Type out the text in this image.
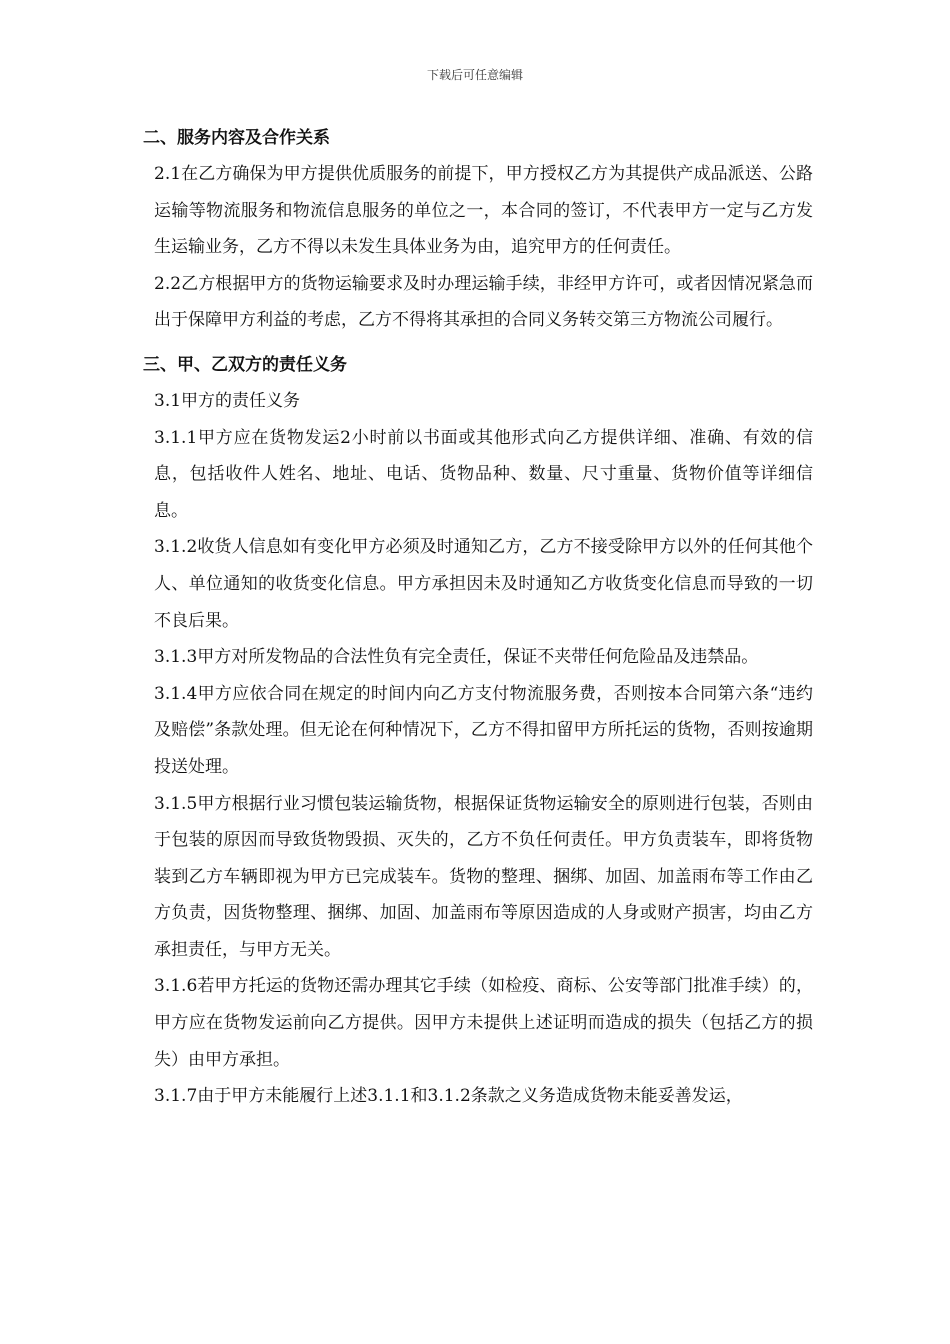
下载后可任意编辑
二、服务内容及合作关系

2.1在乙方确保为甲方提供优质服务的前提下，甲方授权乙方为其提供产成品派送、公路运输等物流服务和物流信息服务的单位之一，本合同的签订，不代表甲方一定与乙方发生运输业务，乙方不得以未发生具体业务为由，追究甲方的任何责任。

2.2乙方根据甲方的货物运输要求及时办理运输手续，非经甲方许可，或者因情况紧急而出于保障甲方利益的考虑，乙方不得将其承担的合同义务转交第三方物流公司履行。

三、甲、乙双方的责任义务

3.1甲方的责任义务

3.1.1甲方应在货物发运2小时前以书面或其他形式向乙方提供详细、准确、有效的信息，包括收件人姓名、地址、电话、货物品种、数量、尺寸重量、货物价值等详细信息。

3.1.2收货人信息如有变化甲方必须及时通知乙方，乙方不接受除甲方以外的任何其他个人、单位通知的收货变化信息。甲方承担因未及时通知乙方收货变化信息而导致的一切不良后果。

3.1.3甲方对所发物品的合法性负有完全责任，保证不夹带任何危险品及违禁品。

3.1.4甲方应依合同在规定的时间内向乙方支付物流服务费，否则按本合同第六条“违约及赔偿”条款处理。但无论在何种情况下，乙方不得扣留甲方所托运的货物，否则按逾期投送处理。

3.1.5甲方根据行业习惯包装运输货物，根据保证货物运输安全的原则进行包装，否则由于包装的原因而导致货物毁损、灭失的，乙方不负任何责任。甲方负责装车，即将货物装到乙方车辆即视为甲方已完成装车。货物的整理、捆绑、加固、加盖雨布等工作由乙方负责，因货物整理、捆绑、加固、加盖雨布等原因造成的人身或财产损害，均由乙方承担责任，与甲方无关。

3.1.6若甲方托运的货物还需办理其它手续（如检疫、商标、公安等部门批准手续）的，甲方应在货物发运前向乙方提供。因甲方未提供上述证明而造成的损失（包括乙方的损失）由甲方承担。

3.1.7由于甲方未能履行上述3.1.1和3.1.2条款之义务造成货物未能妥善发运，
